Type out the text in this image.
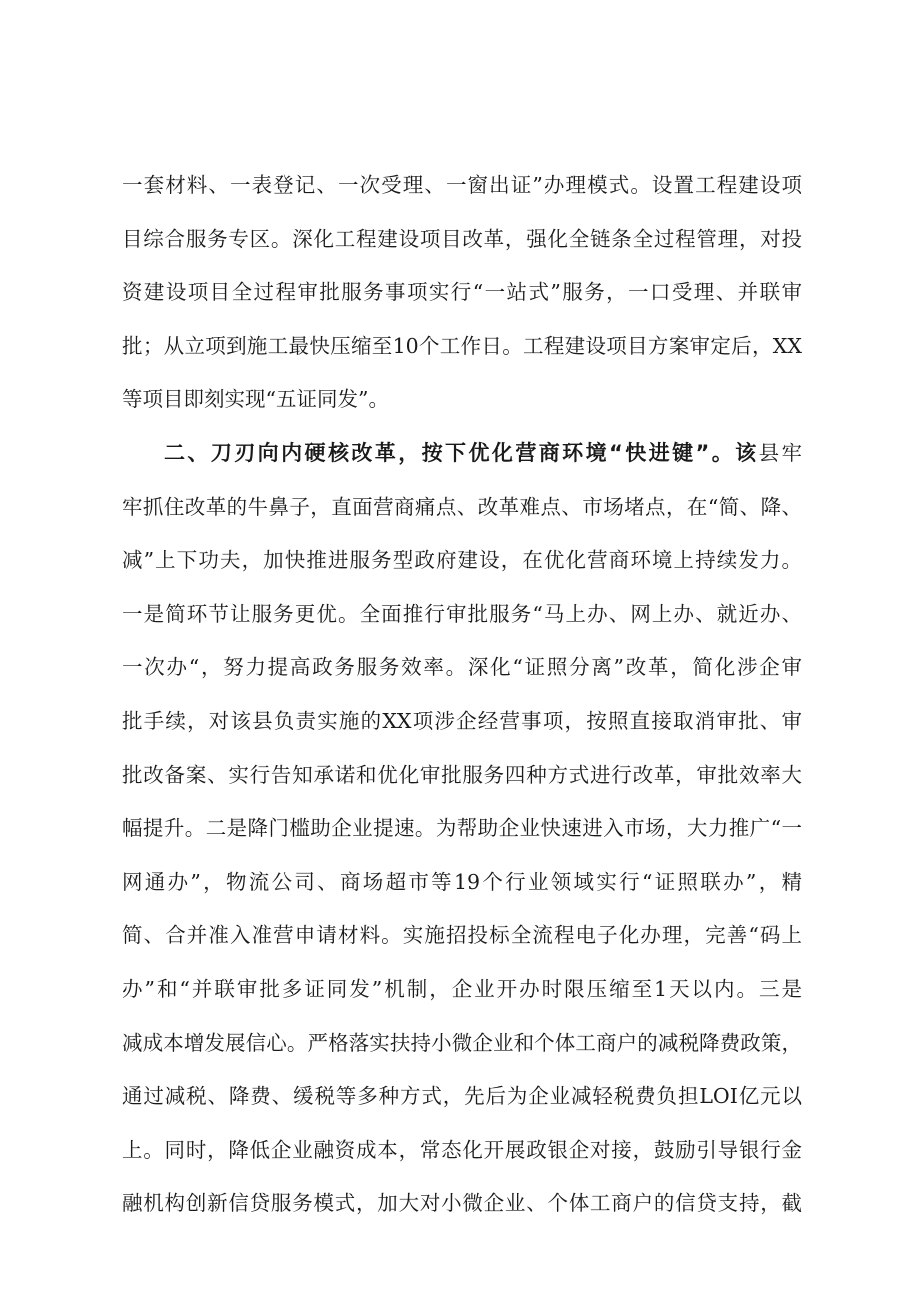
一套材料、一表登记、一次受理、一窗出证”办理模式。设置工程建设项
目综合服务专区。深化工程建设项目改革，强化全链条全过程管理，对投
资建设项目全过程审批服务事项实行“一站式”服务，一口受理、并联审
批；从立项到施工最快压缩至10个工作日。工程建设项目方案审定后，XX
等项目即刻实现“五证同发”。
二、刀刃向内硬核改革，按下优化营商环境“快进键”。该县牢
牢抓住改革的牛鼻子，直面营商痛点、改革难点、市场堵点，在“简、降、
减”上下功夫，加快推进服务型政府建设，在优化营商环境上持续发力。
一是简环节让服务更优。全面推行审批服务“马上办、网上办、就近办、
一次办“，努力提高政务服务效率。深化“证照分离”改革，简化涉企审
批手续，对该县负责实施的XX项涉企经营事项，按照直接取消审批、审
批改备案、实行告知承诺和优化审批服务四种方式进行改革，审批效率大
幅提升。二是降门槛助企业提速。为帮助企业快速进入市场，大力推广“一
网通办”，物流公司、商场超市等19个行业领域实行“证照联办”，精
简、合并准入准营申请材料。实施招投标全流程电子化办理，完善“码上
办”和“并联审批多证同发”机制，企业开办时限压缩至1天以内。三是
减成本增发展信心。严格落实扶持小微企业和个体工商户的减税降费政策，
通过减税、降费、缓税等多种方式，先后为企业减轻税费负担LOI亿元以
上。同时，降低企业融资成本，常态化开展政银企对接，鼓励引导银行金
融机构创新信贷服务模式，加大对小微企业、个体工商户的信贷支持，截
